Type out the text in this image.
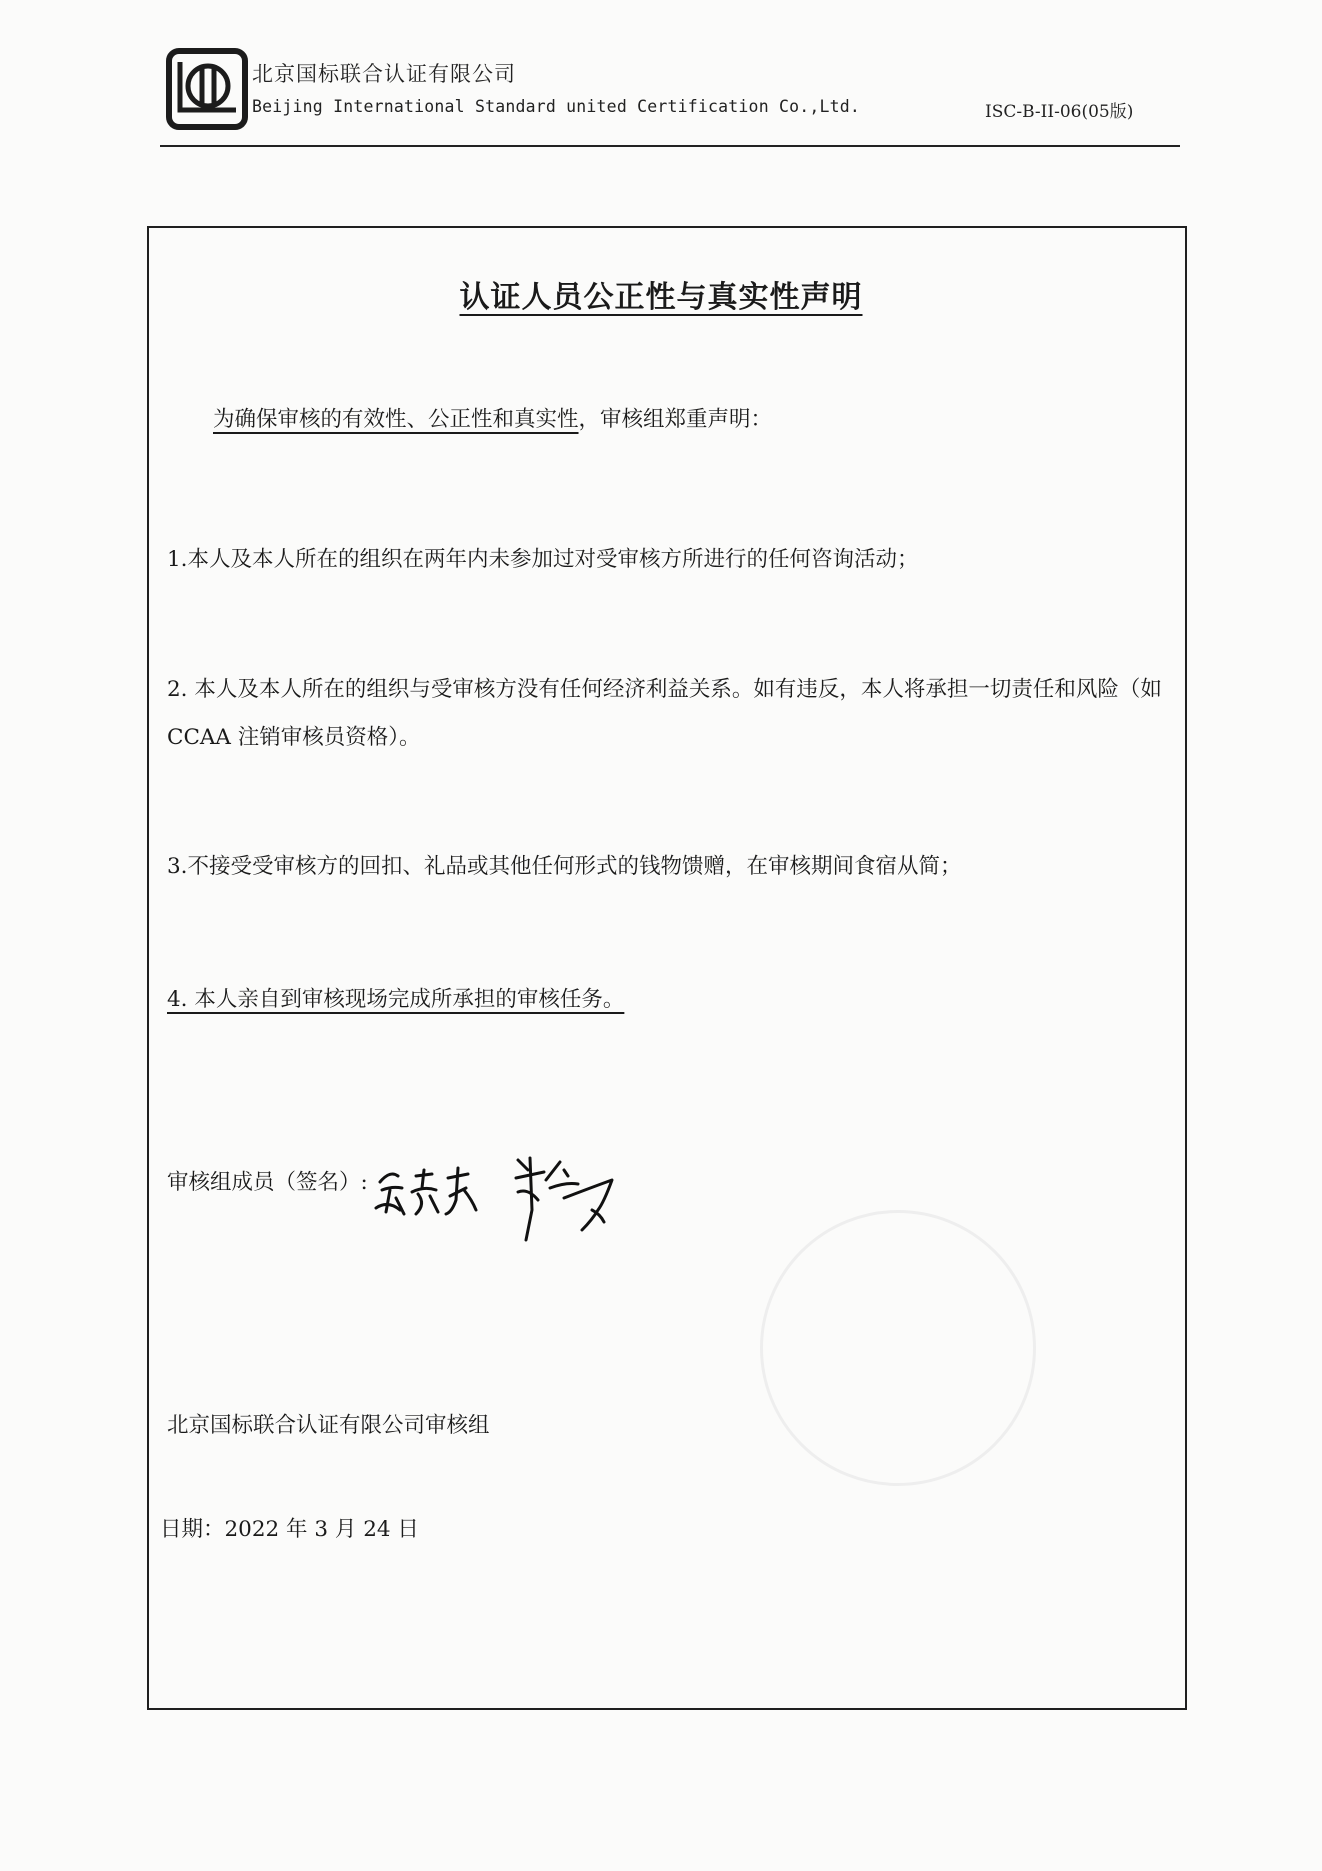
北京国标联合认证有限公司
Beijing International Standard united Certification Co.,Ltd.	ISC-B-II-06(05版)
认证人员公正性与真实性声明
为确保审核的有效性、公正性和真实性，审核组郑重声明：
1.本人及本人所在的组织在两年内未参加过对受审核方所进行的任何咨询活动；
2. 本人及本人所在的组织与受审核方没有任何经济利益关系。如有违反，本人将承担一切责任和风险（如 CCAA 注销审核员资格）。
3.不接受受审核方的回扣、礼品或其他任何形式的钱物馈赠，在审核期间食宿从简；
4. 本人亲自到审核现场完成所承担的审核任务。
审核组成员（签名）:
北京国标联合认证有限公司审核组
日期：2022 年 3 月 24 日
